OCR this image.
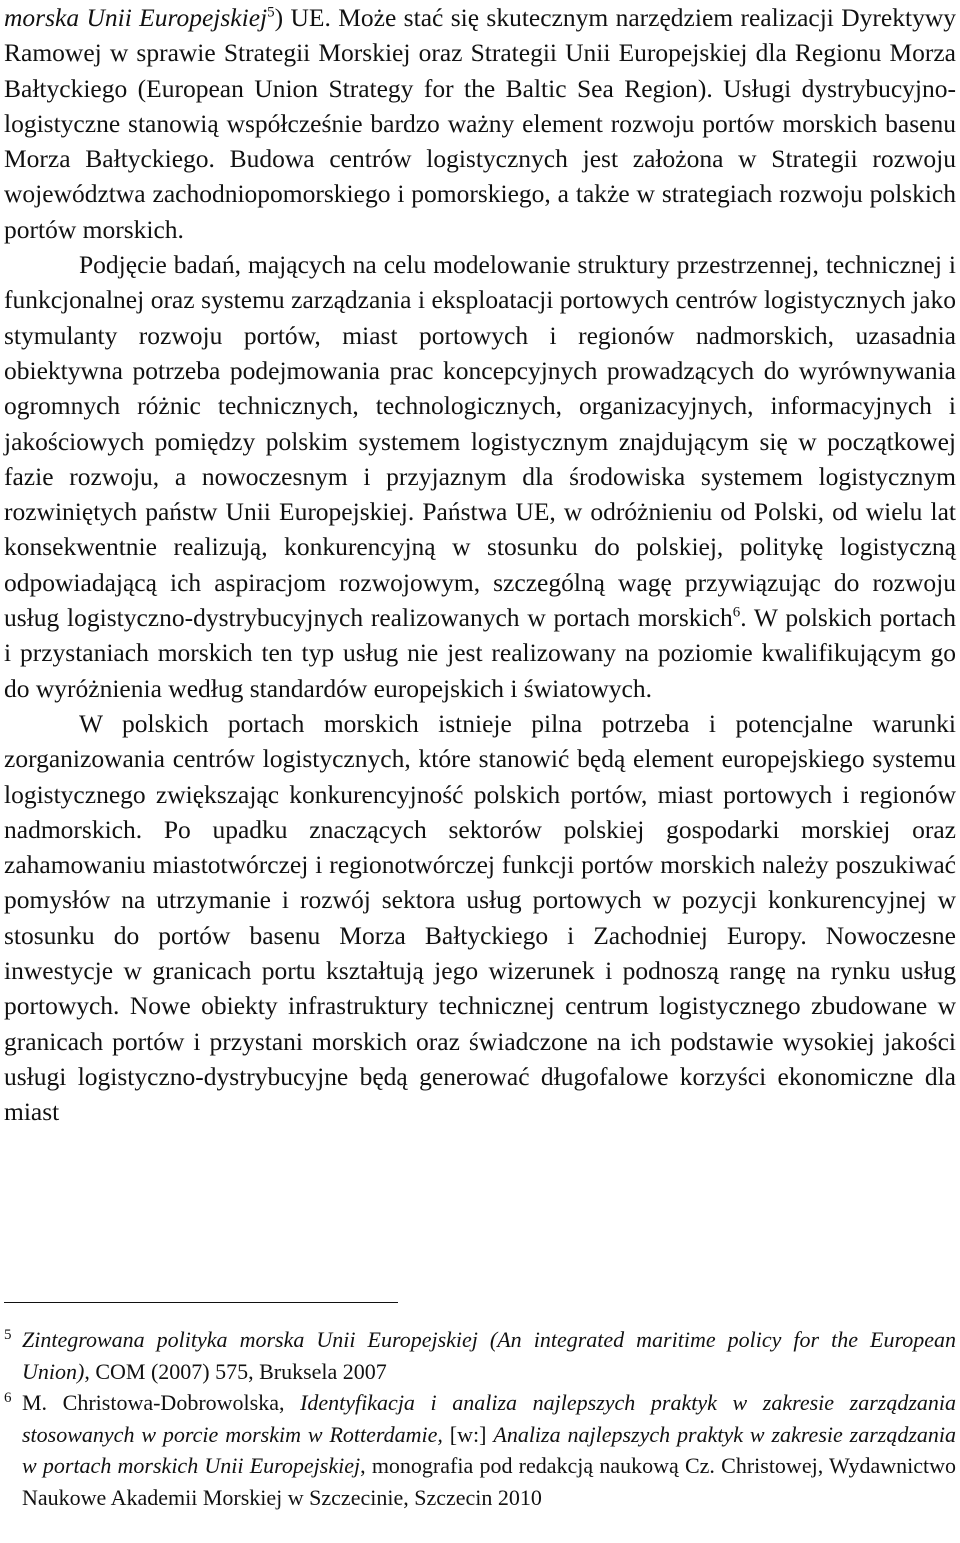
morska Unii Europejskiej$^5$) UE. Może stać się skutecznym narzędziem realizacji Dyrektywy Ramowej w sprawie Strategii Morskiej oraz Strategii Unii Europejskiej dla Regionu Morza Bałtyckiego (European Union Strategy for the Baltic Sea Region). Usługi dystrybucyjno-logistyczne stanowią współcześnie bardzo ważny element rozwoju portów morskich basenu Morza Bałtyckiego. Budowa centrów logistycznych jest założona w Strategii rozwoju województwa zachodniopomorskiego i pomorskiego, a także w strategiach rozwoju polskich portów morskich.

Podjęcie badań, mających na celu modelowanie struktury przestrzennej, technicznej i funkcjonalnej oraz systemu zarządzania i eksploatacji portowych centrów logistycznych jako stymulanty rozwoju portów, miast portowych i regionów nadmorskich, uzasadnia obiektywna potrzeba podejmowania prac koncepcyjnych prowadzących do wyrównywania ogromnych różnic technicznych, technologicznych, organizacyjnych, informacyjnych i jakościowych pomiędzy polskim systemem logistycznym znajdującym się w początkowej fazie rozwoju, a nowoczesnym i przyjaznym dla środowiska systemem logistycznym rozwiniętych państw Unii Europejskiej. Państwa UE, w odróżnieniu od Polski, od wielu lat konsekwentnie realizują, konkurencyjną w stosunku do polskiej, politykę logistyczną odpowiadającą ich aspiracjom rozwojowym, szczególną wagę przywiązując do rozwoju usług logistyczno-dystrybucyjnych realizowanych w portach morskich$^6$. W polskich portach i przystaniach morskich ten typ usług nie jest realizowany na poziomie kwalifikującym go do wyróżnienia według standardów europejskich i światowych.

W polskich portach morskich istnieje pilna potrzeba i potencjalne warunki zorganizowania centrów logistycznych, które stanowić będą element europejskiego systemu logistycznego zwiększając konkurencyjność polskich portów, miast portowych i regionów nadmorskich. Po upadku znaczących sektorów polskiej gospodarki morskiej oraz zahamowaniu miastotwórczej i regionotwórczej funkcji portów morskich należy poszukiwać pomysłów na utrzymanie i rozwój sektora usług portowych w pozycji konkurencyjnej w stosunku do portów basenu Morza Bałtyckiego i Zachodniej Europy. Nowoczesne inwestycje w granicach portu kształtują jego wizerunek i podnoszą rangę na rynku usług portowych. Nowe obiekty infrastruktury technicznej centrum logistycznego zbudowane w granicach portów i przystani morskich oraz świadczone na ich podstawie wysokiej jakości usługi logistyczno-dystrybucyjne będą generować długofalowe korzyści ekonomiczne dla miast

5 Zintegrowana polityka morska Unii Europejskiej (An integrated maritime policy for the European Union), COM (2007) 575, Bruksela 2007
6 M. Christowa-Dobrowolska, Identyfikacja i analiza najlepszych praktyk w zakresie zarządzania stosowanych w porcie morskim w Rotterdamie, [w:] Analiza najlepszych praktyk w zakresie zarządzania w portach morskich Unii Europejskiej, monografia pod redakcją naukową Cz. Christowej, Wydawnictwo Naukowe Akademii Morskiej w Szczecinie, Szczecin 2010
